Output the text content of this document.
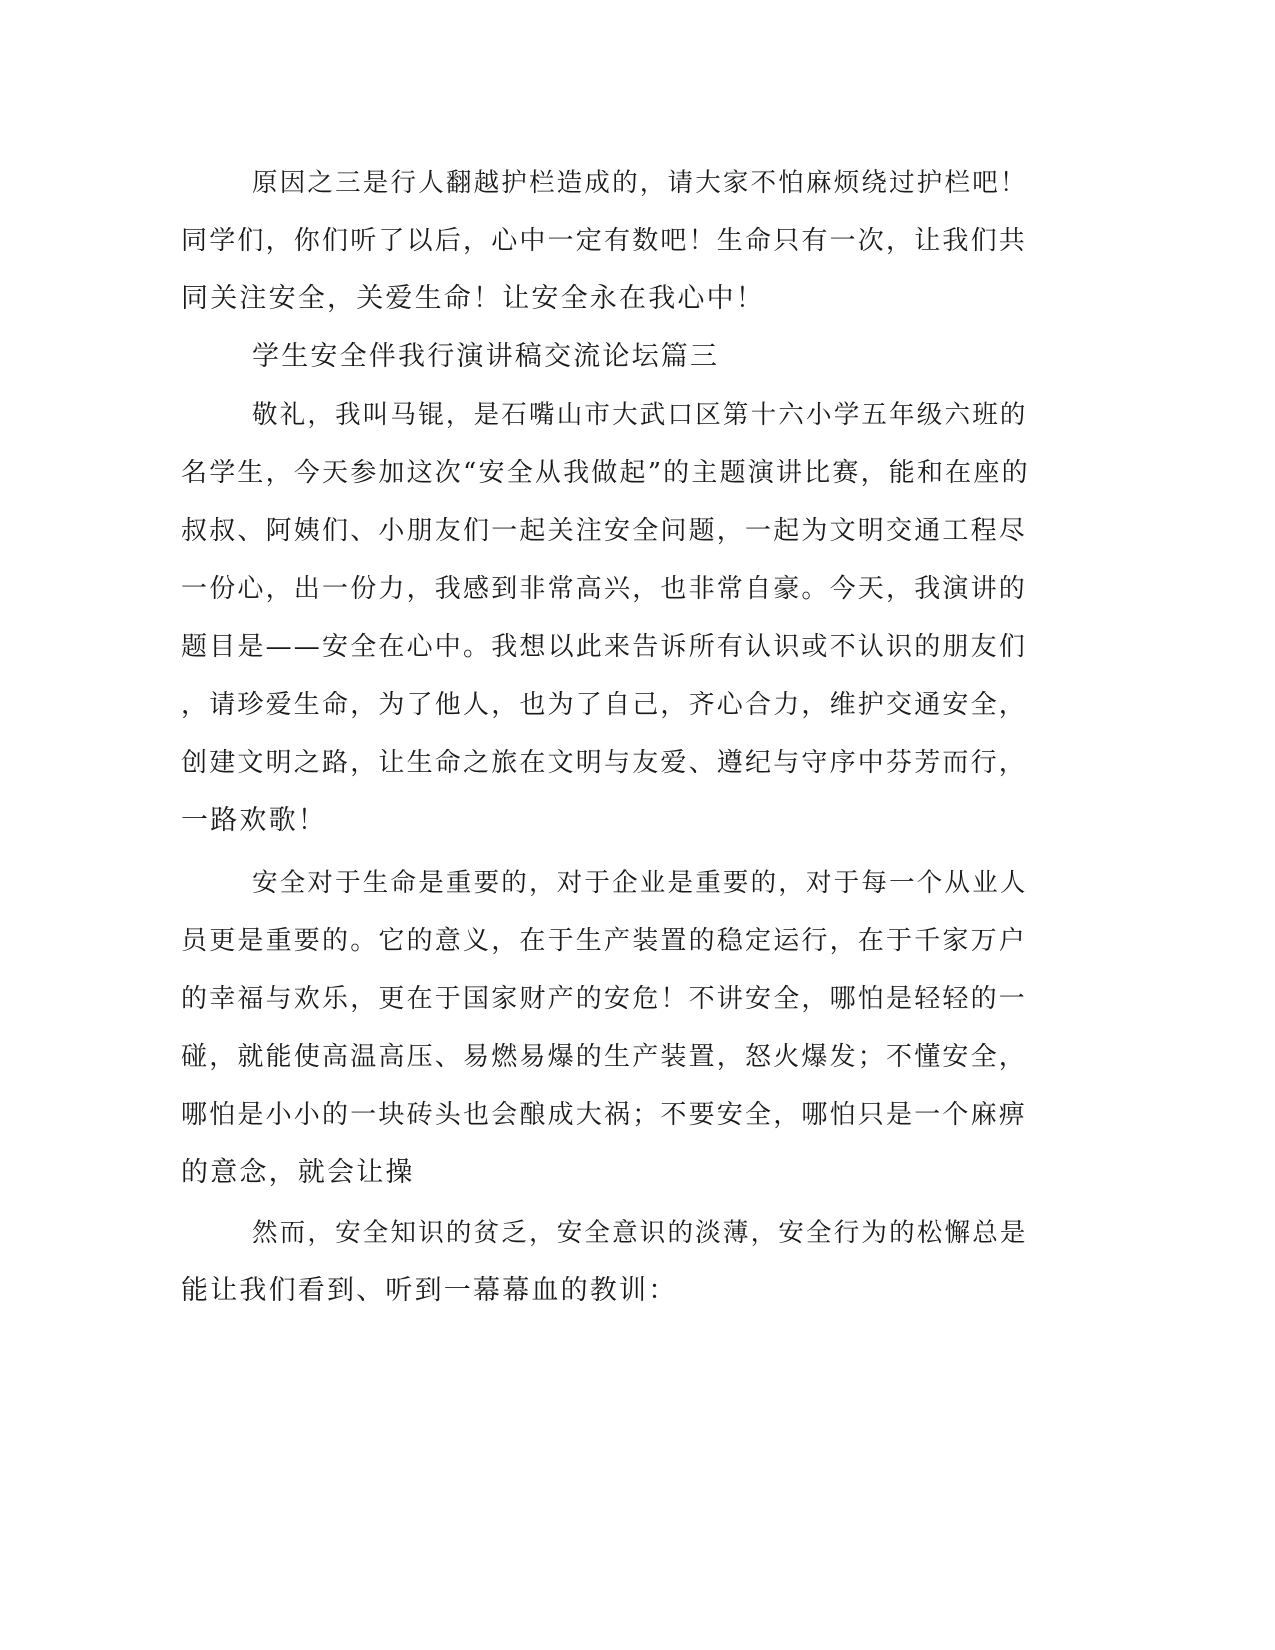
原因之三是行人翻越护栏造成的，请大家不怕麻烦绕过护栏吧！
同学们，你们听了以后，心中一定有数吧！生命只有一次，让我们共
同关注安全，关爱生命！让安全永在我心中！
学生安全伴我行演讲稿交流论坛篇三
敬礼，我叫马锟，是石嘴山市大武口区第十六小学五年级六班的
名学生，今天参加这次“安全从我做起”的主题演讲比赛，能和在座的
叔叔、阿姨们、小朋友们一起关注安全问题，一起为文明交通工程尽
一份心，出一份力，我感到非常高兴，也非常自豪。今天，我演讲的
题目是——安全在心中。我想以此来告诉所有认识或不认识的朋友们
，请珍爱生命，为了他人，也为了自己，齐心合力，维护交通安全，
创建文明之路，让生命之旅在文明与友爱、遵纪与守序中芬芳而行，
一路欢歌！
安全对于生命是重要的，对于企业是重要的，对于每一个从业人
员更是重要的。它的意义，在于生产装置的稳定运行，在于千家万户
的幸福与欢乐，更在于国家财产的安危！不讲安全，哪怕是轻轻的一
碰，就能使高温高压、易燃易爆的生产装置，怒火爆发；不懂安全，
哪怕是小小的一块砖头也会酿成大祸；不要安全，哪怕只是一个麻痹
的意念，就会让操
然而，安全知识的贫乏，安全意识的淡薄，安全行为的松懈总是
能让我们看到、听到一幕幕血的教训：
